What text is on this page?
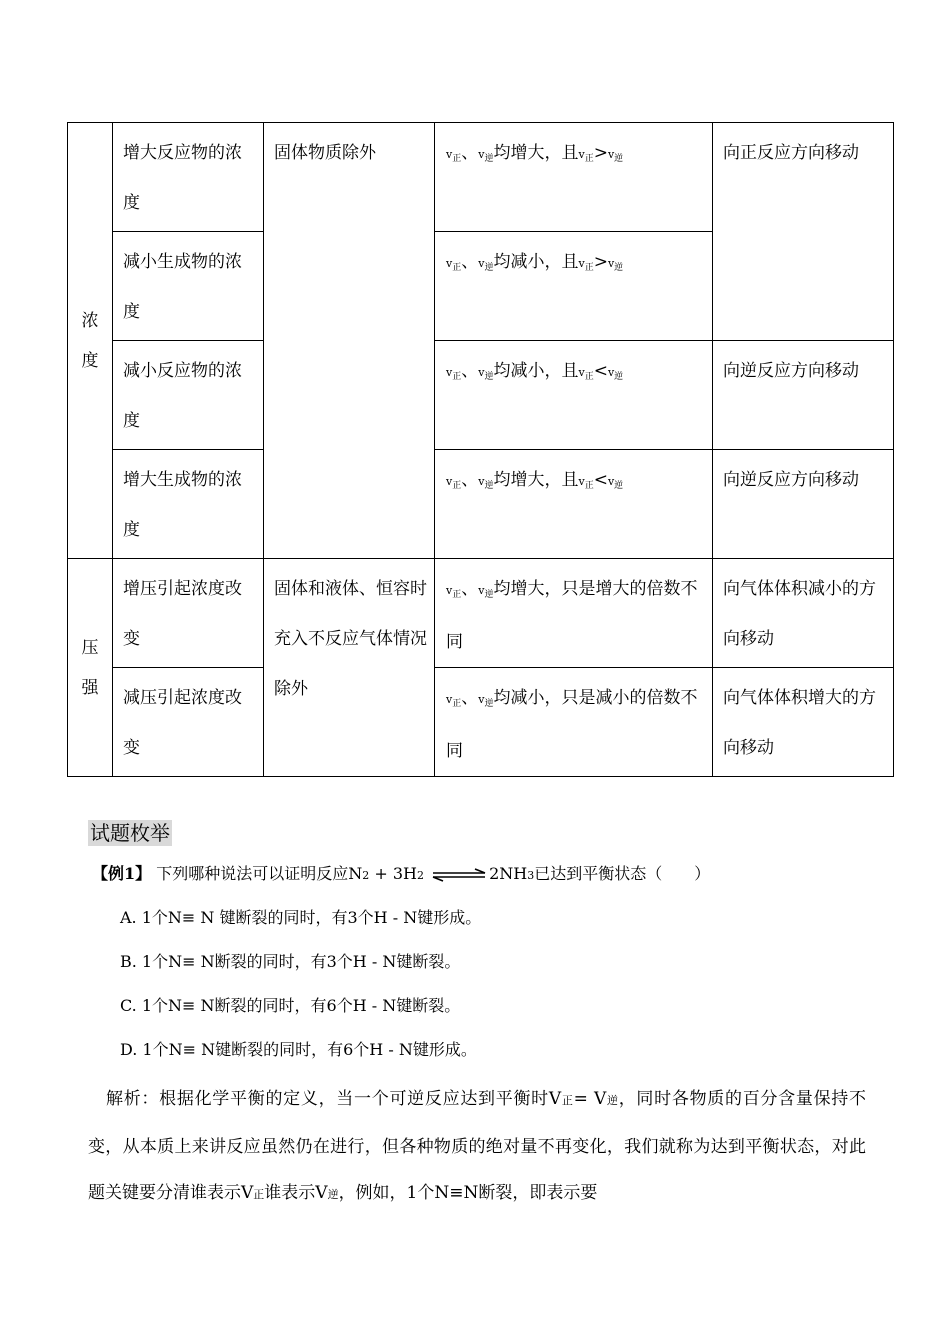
浓
度	增大反应物的浓度	固体物质除外	v正、v逆均增大，且v正>v逆	向正反应方向移动

	减小生成物的浓度		v正、v逆均减小，且v正>v逆	

	减小反应物的浓度		v正、v逆均减小，且v正<v逆	向逆反应方向移动

	增大生成物的浓度		v正、v逆均增大，且v正<v逆	向逆反应方向移动

压
强	增压引起浓度改变	固体和液体、恒容时充入不反应气体情况除外	v正、v逆均增大，只是增大的倍数不同	向气体体积减小的方向移动

	减压引起浓度改变		v正、v逆均减小，只是减小的倍数不同	向气体体积增大的方向移动
试题枚举
【例1】 下列哪种说法可以证明反应N2 + 3H2 ⇌ 2NH3已达到平衡状态（　　）
A. 1个N≡ N 键断裂的同时，有3个H - N键形成。
B. 1个N≡ N断裂的同时，有3个H - N键断裂。
C. 1个N≡ N断裂的同时，有6个H - N键断裂。
D. 1个N≡ N键断裂的同时，有6个H - N键形成。
解析：根据化学平衡的定义，当一个可逆反应达到平衡时V正= V逆，同时各物质的百分含量保持不变，从本质上来讲反应虽然仍在进行，但各种物质的绝对量不再变化，我们就称为达到平衡状态，对此题关键要分清谁表示V正谁表示V逆，例如，1个N≡N断裂，即表示要
